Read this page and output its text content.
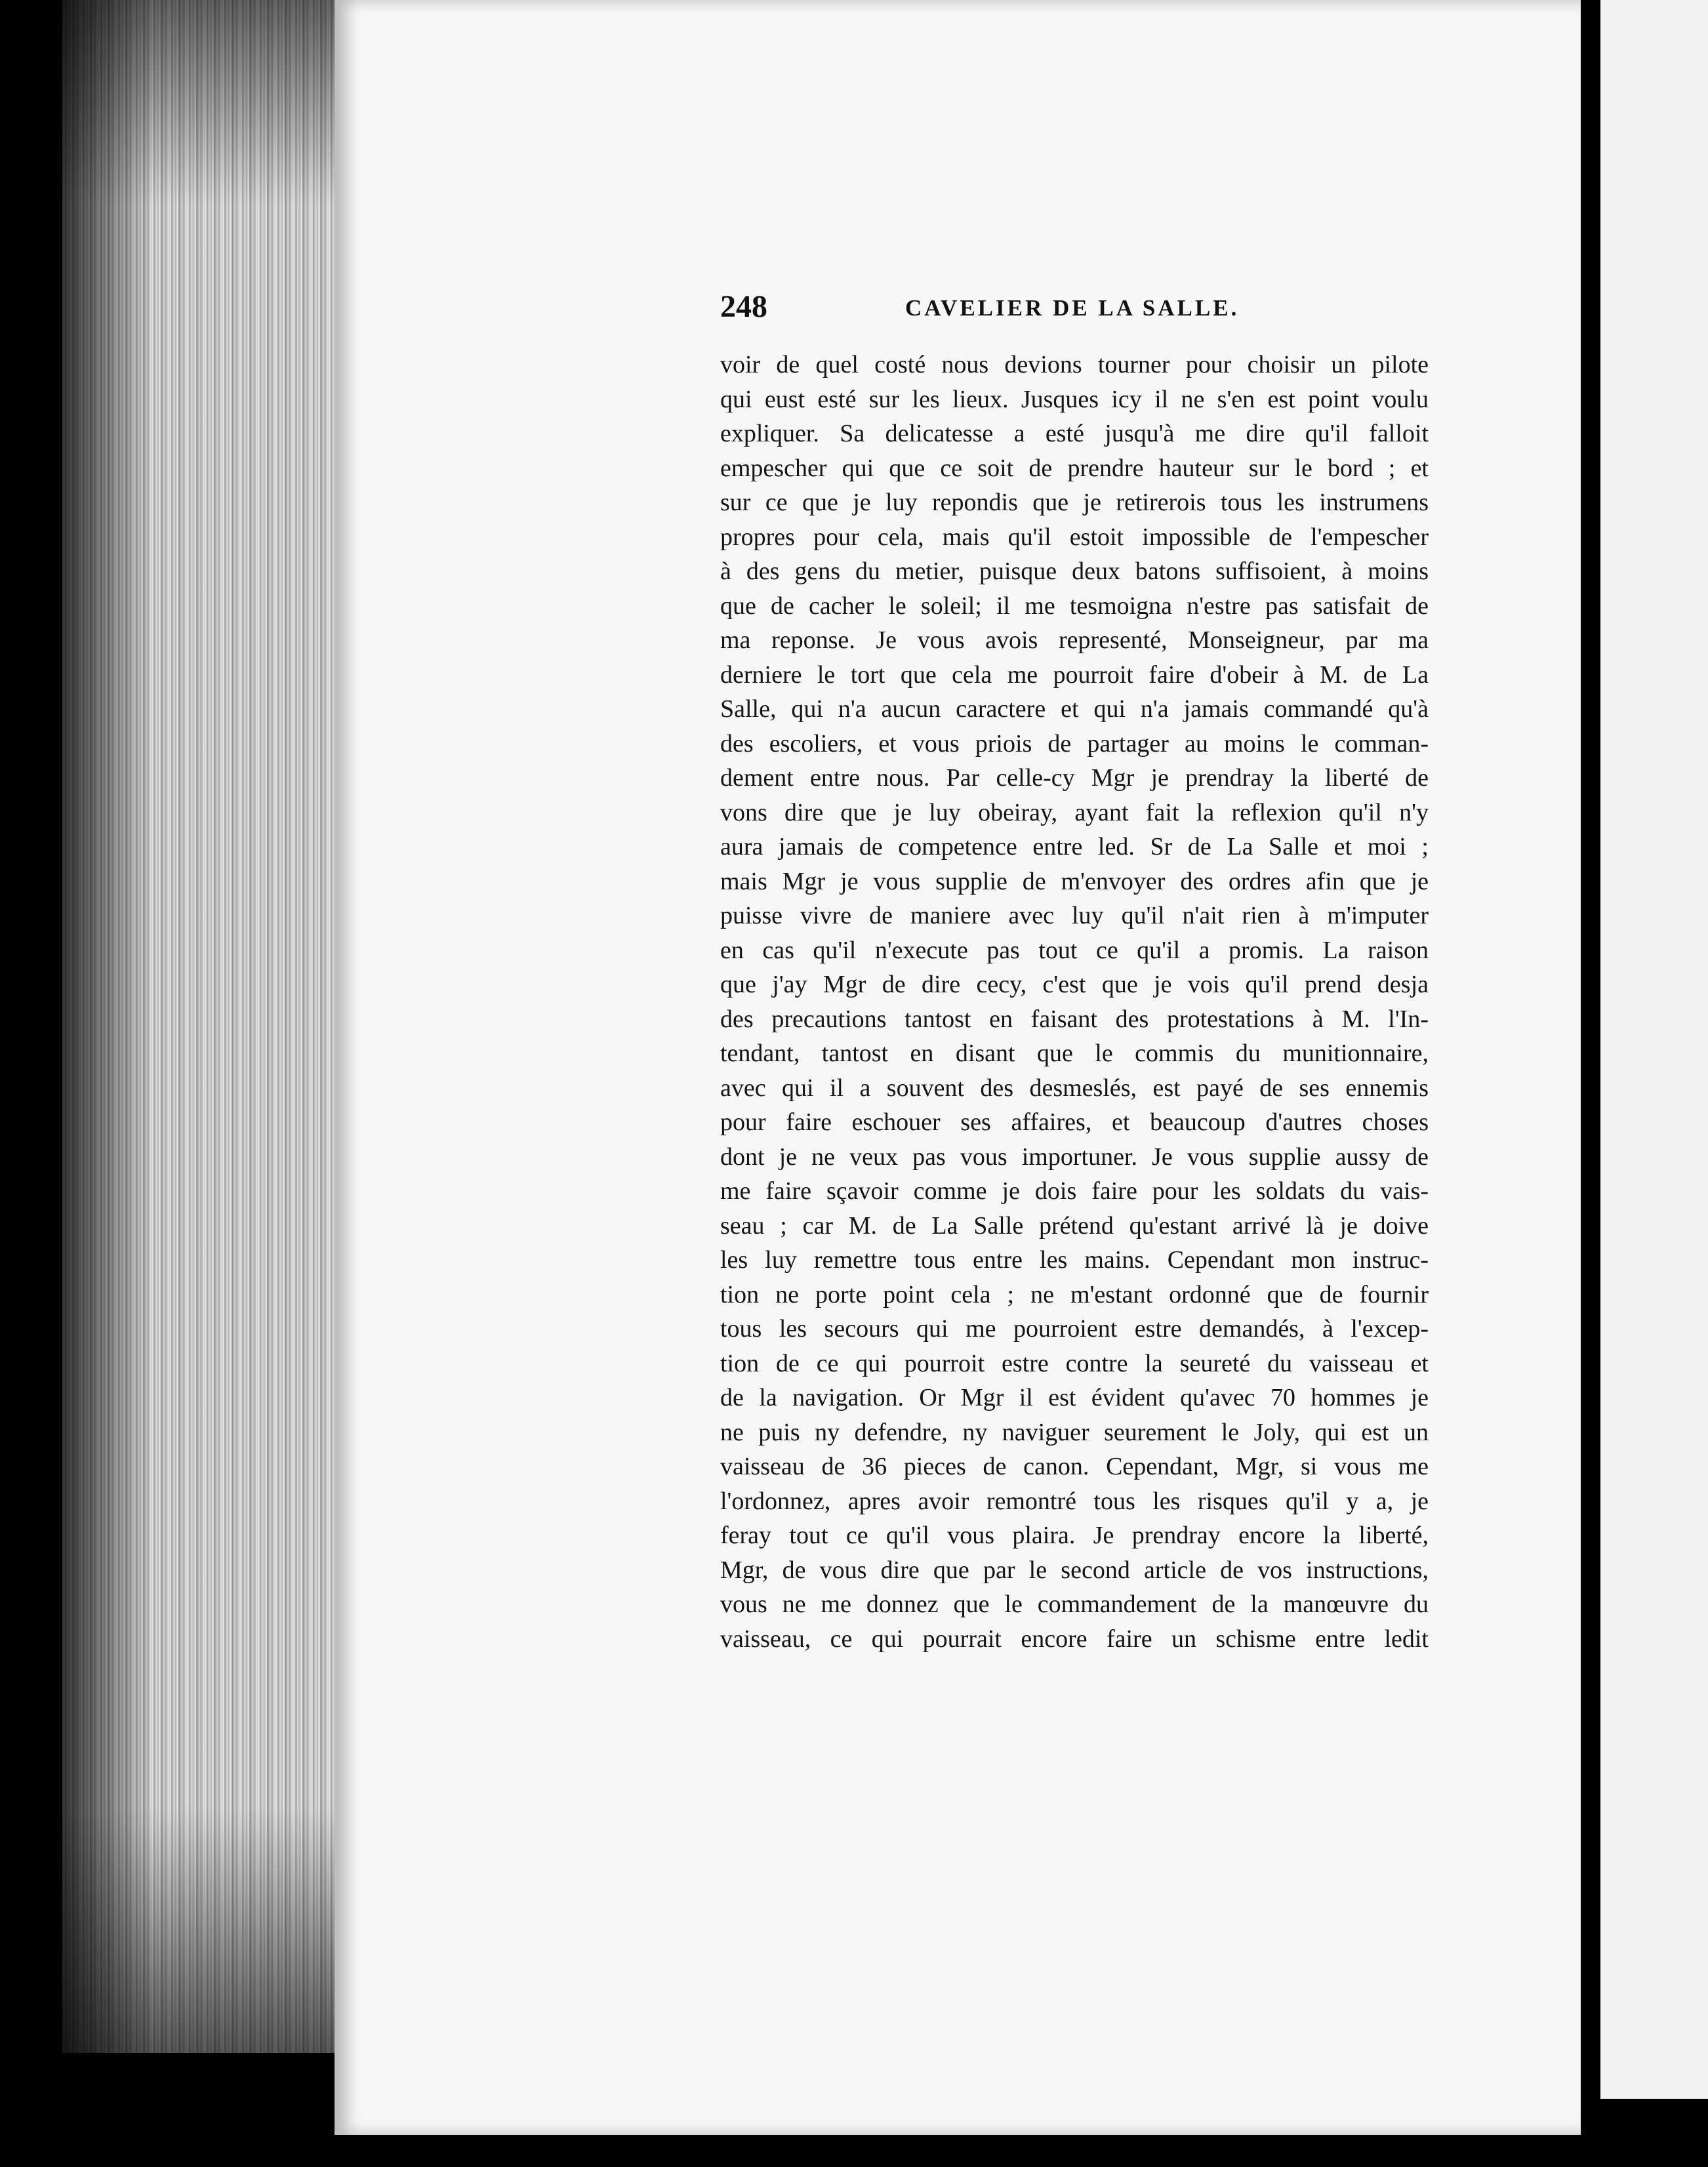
248	CAVELIER DE LA SALLE.
voir de quel costé nous devions tourner pour choisir un pilote
qui eust esté sur les lieux. Jusques icy il ne s'en est point voulu
expliquer. Sa delicatesse a esté jusqu'à me dire qu'il falloit
empescher qui que ce soit de prendre hauteur sur le bord ; et
sur ce que je luy repondis que je retirerois tous les instrumens
propres pour cela, mais qu'il estoit impossible de l'empescher
à des gens du metier, puisque deux batons suffisoient, à moins
que de cacher le soleil; il me tesmoigna n'estre pas satisfait de
ma reponse. Je vous avois representé, Monseigneur, par ma
derniere le tort que cela me pourroit faire d'obeir à M. de La
Salle, qui n'a aucun caractere et qui n'a jamais commandé qu'à
des escoliers, et vous priois de partager au moins le comman-
dement entre nous. Par celle-cy Mgr je prendray la liberté de
vons dire que je luy obeiray, ayant fait la reflexion qu'il n'y
aura jamais de competence entre led. Sr de La Salle et moi ;
mais Mgr je vous supplie de m'envoyer des ordres afin que je
puisse vivre de maniere avec luy qu'il n'ait rien à m'imputer
en cas qu'il n'execute pas tout ce qu'il a promis. La raison
que j'ay Mgr de dire cecy, c'est que je vois qu'il prend desja
des precautions tantost en faisant des protestations à M. l'In-
tendant, tantost en disant que le commis du munitionnaire,
avec qui il a souvent des desmeslés, est payé de ses ennemis
pour faire eschouer ses affaires, et beaucoup d'autres choses
dont je ne veux pas vous importuner. Je vous supplie aussy de
me faire sçavoir comme je dois faire pour les soldats du vais-
seau ; car M. de La Salle prétend qu'estant arrivé là je doive
les luy remettre tous entre les mains. Cependant mon instruc-
tion ne porte point cela ; ne m'estant ordonné que de fournir
tous les secours qui me pourroient estre demandés, à l'excep-
tion de ce qui pourroit estre contre la seureté du vaisseau et
de la navigation. Or Mgr il est évident qu'avec 70 hommes je
ne puis ny defendre, ny naviguer seurement le Joly, qui est un
vaisseau de 36 pieces de canon. Cependant, Mgr, si vous me
l'ordonnez, apres avoir remontré tous les risques qu'il y a, je
feray tout ce qu'il vous plaira. Je prendray encore la liberté,
Mgr, de vous dire que par le second article de vos instructions,
vous ne me donnez que le commandement de la manœuvre du
vaisseau, ce qui pourrait encore faire un schisme entre ledit
